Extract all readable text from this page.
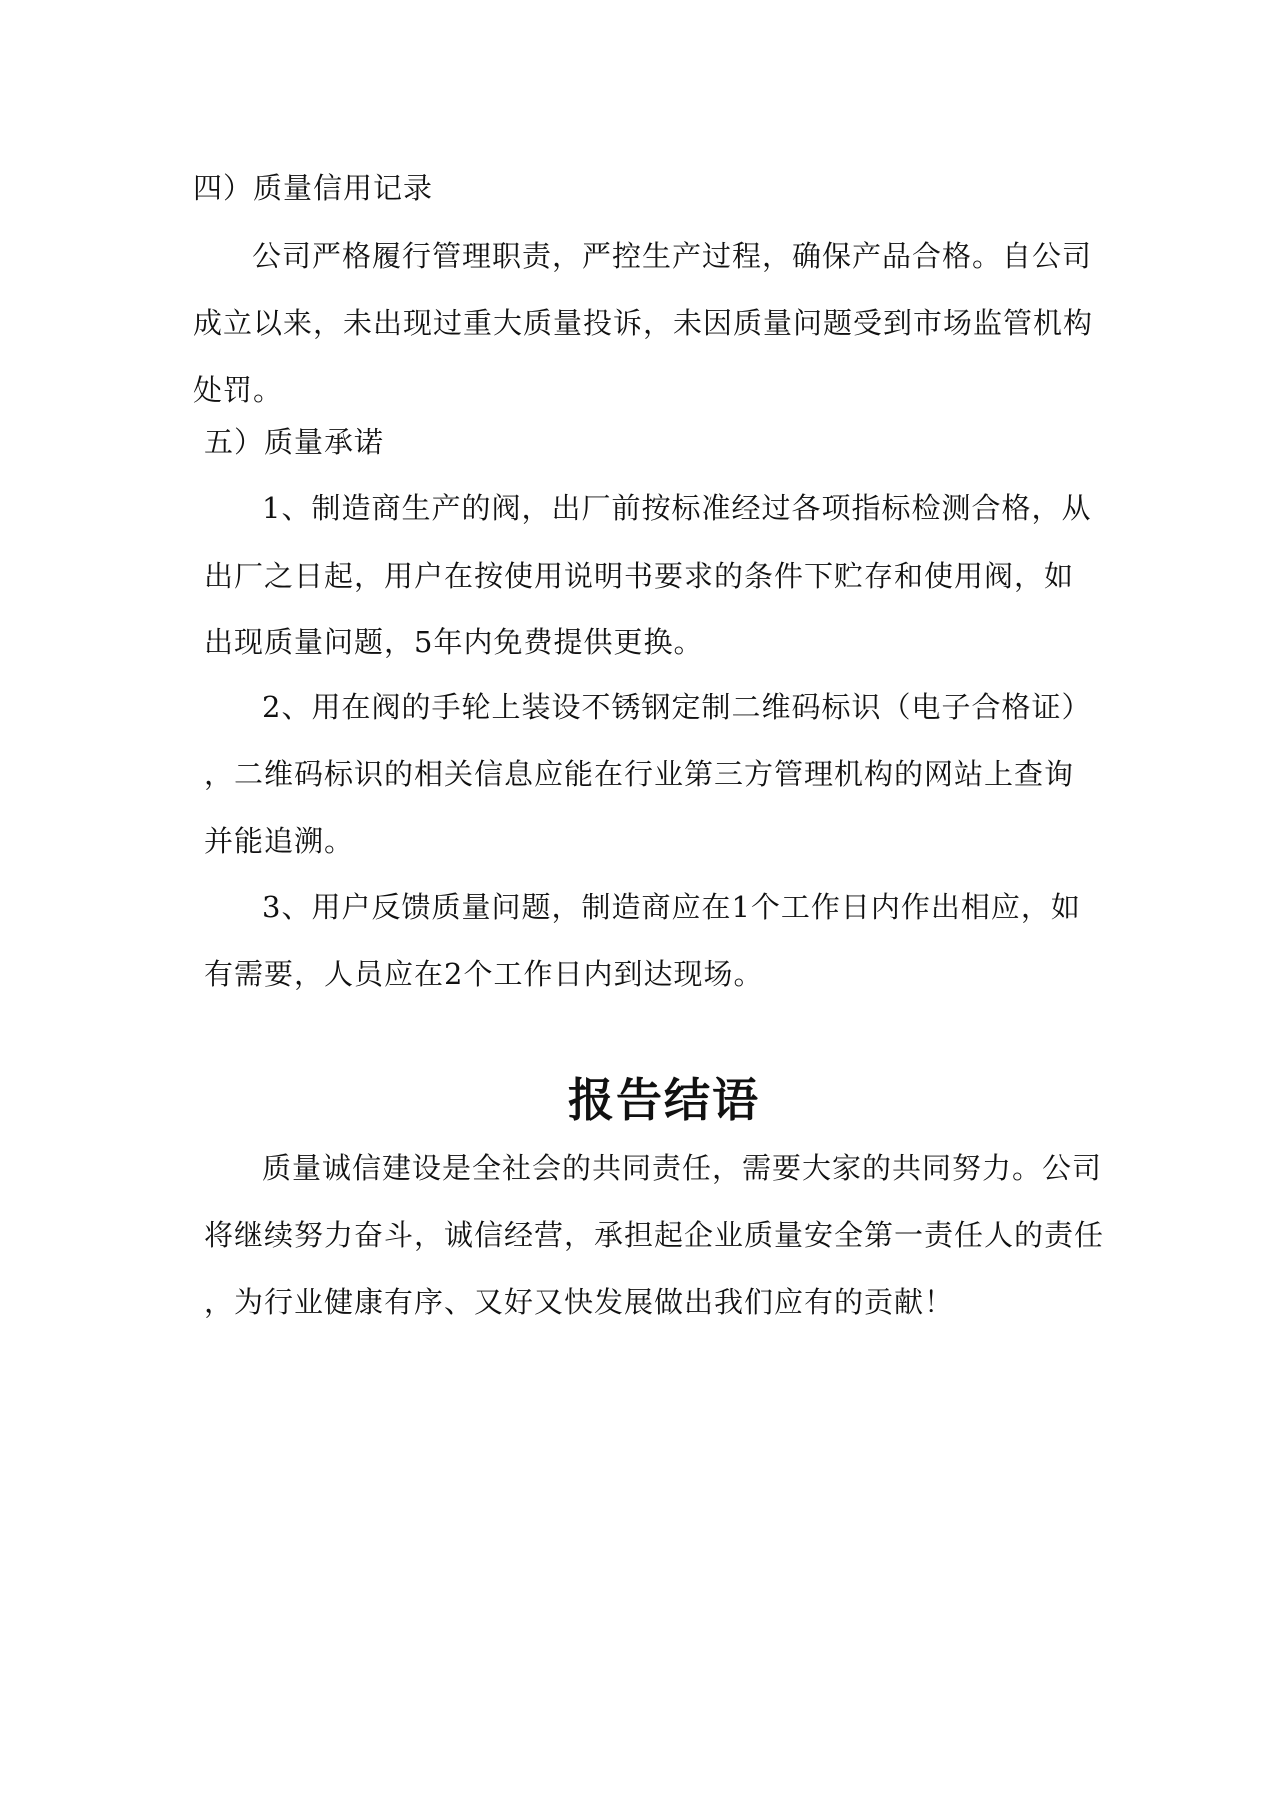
四）质量信用记录
公司严格履行管理职责，严控生产过程，确保产品合格。自公司
成立以来，未出现过重大质量投诉，未因质量问题受到市场监管机构
处罚。
五）质量承诺
1、制造商生产的阀，出厂前按标准经过各项指标检测合格，从
出厂之日起，用户在按使用说明书要求的条件下贮存和使用阀，如
出现质量问题，5年内免费提供更换。
2、用在阀的手轮上装设不锈钢定制二维码标识（电子合格证）
，二维码标识的相关信息应能在行业第三方管理机构的网站上查询
并能追溯。
3、用户反馈质量问题，制造商应在1个工作日内作出相应，如
有需要，人员应在2个工作日内到达现场。
报告结语
质量诚信建设是全社会的共同责任，需要大家的共同努力。公司
将继续努力奋斗，诚信经营，承担起企业质量安全第一责任人的责任
，为行业健康有序、又好又快发展做出我们应有的贡献！
